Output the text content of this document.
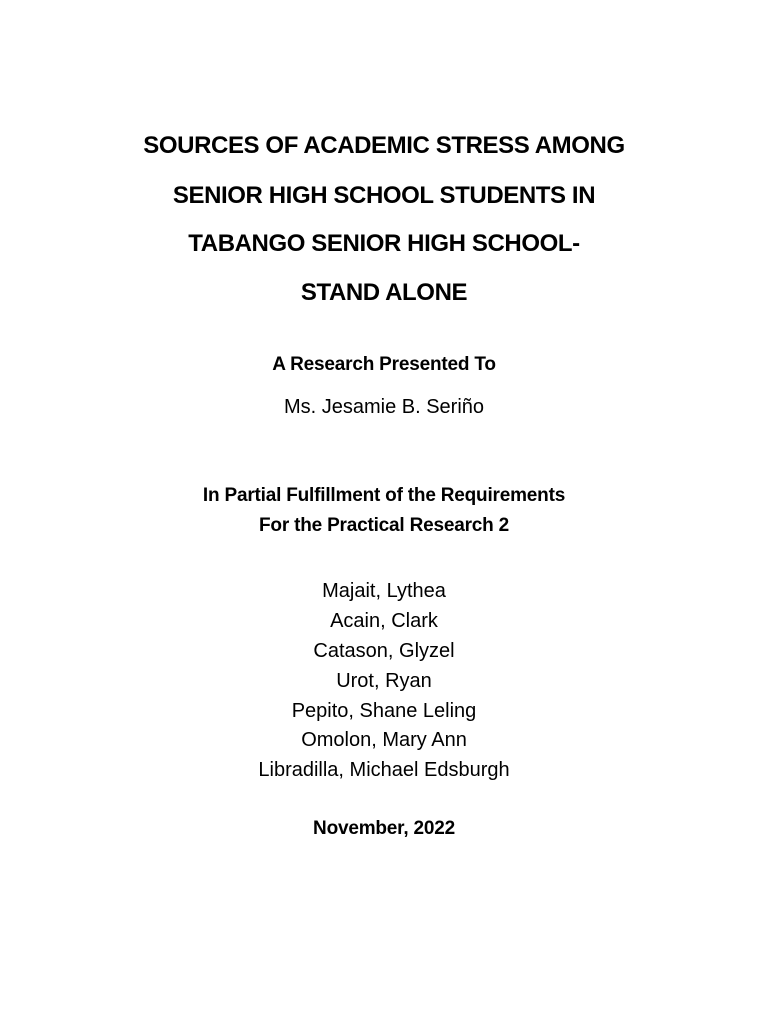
SOURCES OF ACADEMIC STRESS AMONG
SENIOR HIGH SCHOOL STUDENTS IN
TABANGO SENIOR HIGH SCHOOL-
STAND ALONE
A Research Presented To
Ms. Jesamie B. Seriño
In Partial Fulfillment of the Requirements
For the Practical Research 2
Majait, Lythea
Acain, Clark
Catason, Glyzel
Urot, Ryan
Pepito, Shane Leling
Omolon, Mary Ann
Libradilla, Michael Edsburgh
November, 2022
